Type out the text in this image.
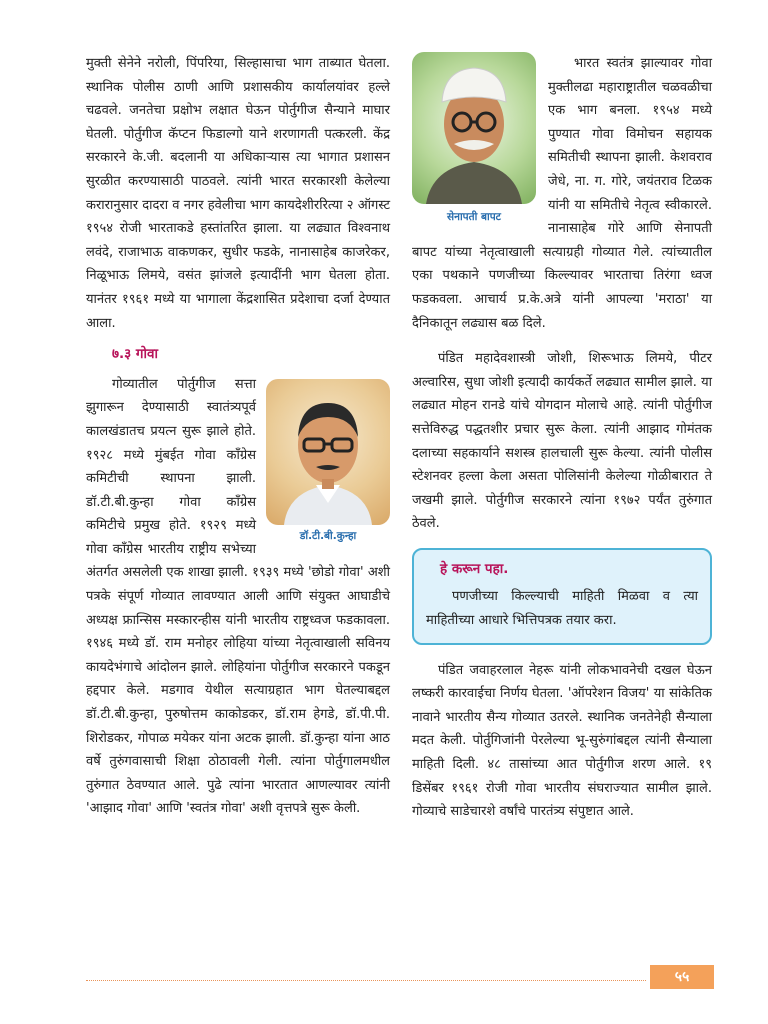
मुक्ती सेनेने नरोली, पिंपरिया, सिल्हासाचा भाग ताब्यात घेतला. स्थानिक पोलीस ठाणी आणि प्रशासकीय कार्यालयांवर हल्ले चढवले. जनतेचा प्रक्षोभ लक्षात घेऊन पोर्तुगीज सैन्याने माघार घेतली. पोर्तुगीज कॅप्टन फिडाल्गो याने शरणागती पत्करली. केंद्र सरकारने के.जी. बदलानी या अधिकाऱ्यास त्या भागात प्रशासन सुरळीत करण्यासाठी पाठवले. त्यांनी भारत सरकारशी केलेल्या करारानुसार दादरा व नगर हवेलीचा भाग कायदेशीररित्या २ ऑगस्ट १९५४ रोजी भारताकडे हस्तांतरित झाला. या लढ्यात विश्वनाथ लवंदे, राजाभाऊ वाकणकर, सुधीर फडके, नानासाहेब काजरेकर, निळूभाऊ लिमये, वसंत झांजले इत्यादींनी भाग घेतला होता. यानंतर १९६१ मध्ये या भागाला केंद्रशासित प्रदेशाचा दर्जा देण्यात आला.

७.३ गोवा
डॉ.टी.बी.कुन्हा

गोव्यातील पोर्तुगीज सत्ता झुगारून देण्यासाठी स्वातंत्र्यपूर्व कालखंडातच प्रयत्न सुरू झाले होते. १९२८ मध्ये मुंबईत गोवा काँग्रेस कमिटीची स्थापना झाली. डॉ.टी.बी.कुन्हा गोवा काँग्रेस कमिटीचे प्रमुख होते. १९२९ मध्ये गोवा काँग्रेस भारतीय राष्ट्रीय सभेच्या अंतर्गत असलेली एक शाखा झाली. १९३९ मध्ये 'छोडो गोवा' अशी पत्रके संपूर्ण गोव्यात लावण्यात आली आणि संयुक्त आघाडीचे अध्यक्ष फ्रान्सिस मस्कारन्हीस यांनी भारतीय राष्ट्रध्वज फडकावला. १९४६ मध्ये डॉ. राम मनोहर लोहिया यांच्या नेतृत्वाखाली सविनय कायदेभंगाचे आंदोलन झाले. लोहियांना पोर्तुगीज सरकारने पकडून हद्दपार केले. मडगाव येथील सत्याग्रहात भाग घेतल्याबद्दल डॉ.टी.बी.कुन्हा, पुरुषोत्तम काकोडकर, डॉ.राम हेगडे, डॉ.पी.पी. शिरोडकर, गोपाळ मयेकर यांना अटक झाली. डॉ.कुन्हा यांना आठ वर्षे तुरुंगवासाची शिक्षा ठोठावली गेली. त्यांना पोर्तुगालमधील तुरुंगात ठेवण्यात आले. पुढे त्यांना भारतात आणल्यावर त्यांनी 'आझाद गोवा' आणि 'स्वतंत्र गोवा' अशी वृत्तपत्रे सुरू केली.

सेनापती बापट

भारत स्वतंत्र झाल्यावर गोवा मुक्तीलढा महाराष्ट्रातील चळवळीचा एक भाग बनला. १९५४ मध्ये पुण्यात गोवा विमोचन सहायक समितीची स्थापना झाली. केशवराव जेधे, ना. ग. गोरे, जयंतराव टिळक यांनी या समितीचे नेतृत्व स्वीकारले. नानासाहेब गोरे आणि सेनापती बापट यांच्या नेतृत्वाखाली सत्याग्रही गोव्यात गेले. त्यांच्यातील एका पथकाने पणजीच्या किल्ल्यावर भारताचा तिरंगा ध्वज फडकवला. आचार्य प्र.के.अत्रे यांनी आपल्या 'मराठा' या दैनिकातून लढ्यास बळ दिले.

पंडित महादेवशास्त्री जोशी, शिरूभाऊ लिमये, पीटर अल्वारिस, सुधा जोशी इत्यादी कार्यकर्ते लढ्यात सामील झाले. या लढ्यात मोहन रानडे यांचे योगदान मोलाचे आहे. त्यांनी पोर्तुगीज सत्तेविरुद्ध पद्धतशीर प्रचार सुरू केला. त्यांनी आझाद गोमंतक दलाच्या सहकार्याने सशस्त्र हालचाली सुरू केल्या. त्यांनी पोलीस स्टेशनवर हल्ला केला असता पोलिसांनी केलेल्या गोळीबारात ते जखमी झाले. पोर्तुगीज सरकारने त्यांना १९७२ पर्यंत तुरुंगात ठेवले.

हे करून पहा.

पणजीच्या किल्ल्याची माहिती मिळवा व त्या माहितीच्या आधारे भित्तिपत्रक तयार करा.

पंडित जवाहरलाल नेहरू यांनी लोकभावनेची दखल घेऊन लष्करी कारवाईचा निर्णय घेतला. 'ऑपरेशन विजय' या सांकेतिक नावाने भारतीय सैन्य गोव्यात उतरले. स्थानिक जनतेनेही सैन्याला मदत केली. पोर्तुगिजांनी पेरलेल्या भू-सुरुंगांबद्दल त्यांनी सैन्याला माहिती दिली. ४८ तासांच्या आत पोर्तुगीज शरण आले. १९ डिसेंबर १९६१ रोजी गोवा भारतीय संघराज्यात सामील झाले. गोव्याचे साडेचारशे वर्षांचे पारतंत्र्य संपुष्टात आले.

५५
